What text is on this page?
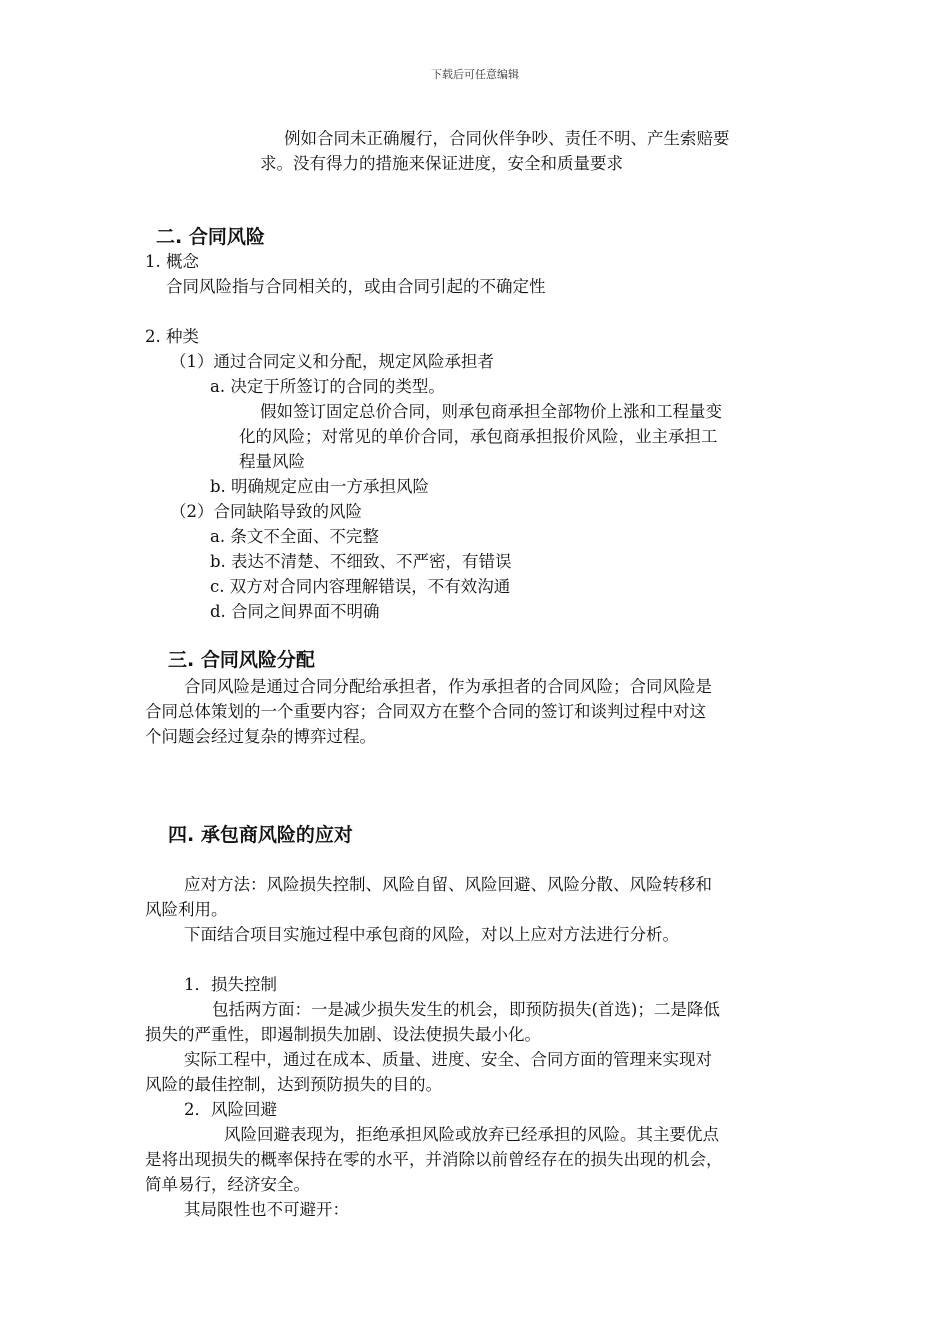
下载后可任意编辑
例如合同未正确履行，合同伙伴争吵、责任不明、产生索赔要
求。没有得力的措施来保证进度，安全和质量要求
二. 合同风险
1. 概念
合同风险指与合同相关的，或由合同引起的不确定性
2. 种类
（1）通过合同定义和分配，规定风险承担者
a. 决定于所签订的合同的类型。
假如签订固定总价合同，则承包商承担全部物价上涨和工程量变
化的风险；对常见的单价合同，承包商承担报价风险，业主承担工
程量风险
b. 明确规定应由一方承担风险
（2）合同缺陷导致的风险
a. 条文不全面、不完整
b. 表达不清楚、不细致、不严密，有错误
c. 双方对合同内容理解错误，不有效沟通
d. 合同之间界面不明确
三. 合同风险分配
合同风险是通过合同分配给承担者，作为承担者的合同风险；合同风险是
合同总体策划的一个重要内容；合同双方在整个合同的签订和谈判过程中对这
个问题会经过复杂的博弈过程。
四. 承包商风险的应对
应对方法：风险损失控制、风险自留、风险回避、风险分散、风险转移和
风险利用。
下面结合项目实施过程中承包商的风险，对以上应对方法进行分析。
1．损失控制
包括两方面：一是减少损失发生的机会，即预防损失(首选)；二是降低
损失的严重性，即遏制损失加剧、设法使损失最小化。
实际工程中，通过在成本、质量、进度、安全、合同方面的管理来实现对
风险的最佳控制，达到预防损失的目的。
2．风险回避
风险回避表现为，拒绝承担风险或放弃已经承担的风险。其主要优点
是将出现损失的概率保持在零的水平，并消除以前曾经存在的损失出现的机会，
简单易行，经济安全。
其局限性也不可避开：
